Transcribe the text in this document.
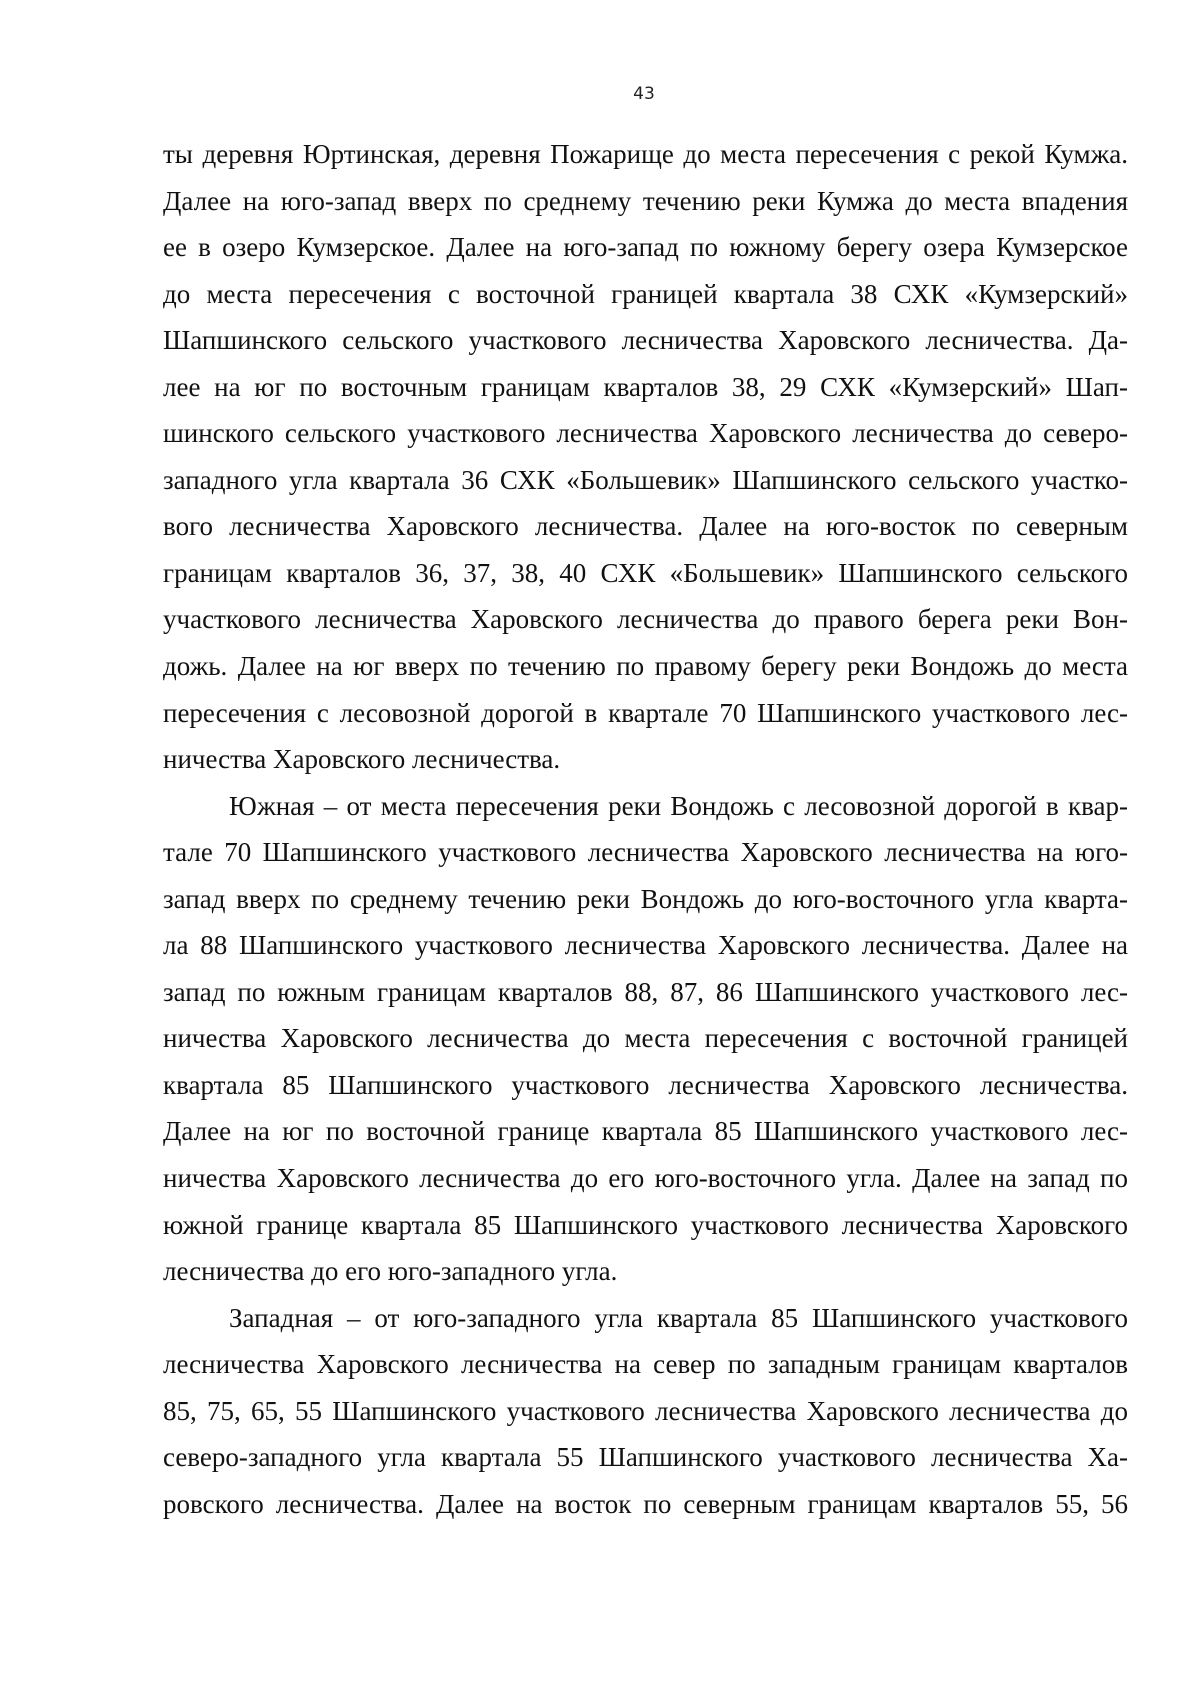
43
ты деревня Юртинская, деревня Пожарище до места пересечения с рекой Кумжа.
Далее на юго-запад вверх по среднему течению реки Кумжа до места впадения
ее в озеро Кумзерское. Далее на юго-запад по южному берегу озера Кумзерское
до места пересечения с восточной границей квартала 38 СХК «Кумзерский»
Шапшинского сельского участкового лесничества Харовского лесничества. Да-
лее на юг по восточным границам кварталов 38, 29 СХК «Кумзерский» Шап-
шинского сельского участкового лесничества Харовского лесничества до северо-
западного угла квартала 36 СХК «Большевик» Шапшинского сельского участко-
вого лесничества Харовского лесничества. Далее на юго-восток по северным
границам кварталов 36, 37, 38, 40 СХК «Большевик» Шапшинского сельского
участкового лесничества Харовского лесничества до правого берега реки Вон-
дожь. Далее на юг вверх по течению по правому берегу реки Вондожь до места
пересечения с лесовозной дорогой в квартале 70 Шапшинского участкового лес-
ничества Харовского лесничества.
Южная – от места пересечения реки Вондожь с лесовозной дорогой в квар-
тале 70 Шапшинского участкового лесничества Харовского лесничества на юго-
запад вверх по среднему течению реки Вондожь до юго-восточного угла кварта-
ла 88 Шапшинского участкового лесничества Харовского лесничества. Далее на
запад по южным границам кварталов 88, 87, 86 Шапшинского участкового лес-
ничества Харовского лесничества до места пересечения с восточной границей
квартала 85 Шапшинского участкового лесничества Харовского лесничества.
Далее на юг по восточной границе квартала 85 Шапшинского участкового лес-
ничества Харовского лесничества до его юго-восточного угла. Далее на запад по
южной границе квартала 85 Шапшинского участкового лесничества Харовского
лесничества до его юго-западного угла.
Западная – от юго-западного угла квартала 85 Шапшинского участкового
лесничества Харовского лесничества на север по западным границам кварталов
85, 75, 65, 55 Шапшинского участкового лесничества Харовского лесничества до
северо-западного угла квартала 55 Шапшинского участкового лесничества Ха-
ровского лесничества. Далее на восток по северным границам кварталов 55, 56
